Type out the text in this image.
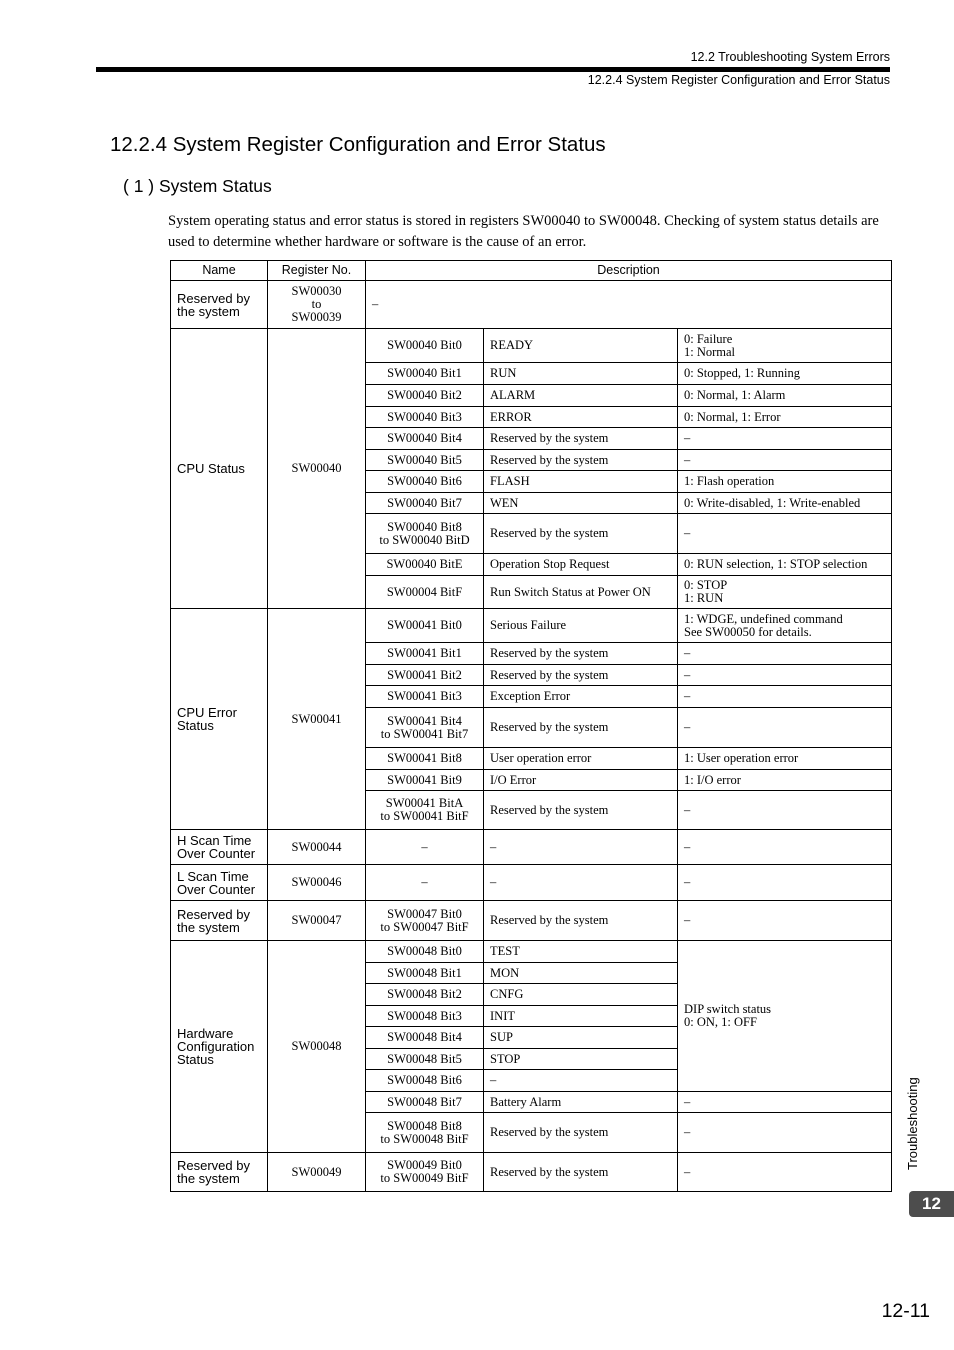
12.2 Troubleshooting System Errors
12.2.4 System Register Configuration and Error Status
12.2.4 System Register Configuration and Error Status
( 1 ) System Status

System operating status and error status is stored in registers SW00040 to SW00048. Checking of system status details are used to determine whether hardware or software is the cause of an error.

Name	Register No.	Description		
Reserved by
the system	SW00030
to
SW00039	–		
CPU Status	SW00040	SW00040 Bit0	READY	0: Failure
1: Normal
		SW00040 Bit1	RUN	0: Stopped, 1: Running
		SW00040 Bit2	ALARM	0: Normal, 1: Alarm
		SW00040 Bit3	ERROR	0: Normal, 1: Error
		SW00040 Bit4	Reserved by the system	–
		SW00040 Bit5	Reserved by the system	–
		SW00040 Bit6	FLASH	1: Flash operation
		SW00040 Bit7	WEN	0: Write-disabled, 1: Write-enabled
		SW00040 Bit8
to SW00040 BitD	Reserved by the system	–
		SW00040 BitE	Operation Stop Request	0: RUN selection, 1: STOP selection
		SW00004 BitF	Run Switch Status at Power ON	0: STOP
1: RUN
CPU Error
Status	SW00041	SW00041 Bit0	Serious Failure	1: WDGE, undefined command
See SW00050 for details.
		SW00041 Bit1	Reserved by the system	–
		SW00041 Bit2	Reserved by the system	–
		SW00041 Bit3	Exception Error	–
		SW00041 Bit4
to SW00041 Bit7	Reserved by the system	–
		SW00041 Bit8	User operation error	1: User operation error
		SW00041 Bit9	I/O Error	1: I/O error
		SW00041 BitA
to SW00041 BitF	Reserved by the system	–
H Scan Time
Over Counter	SW00044	–	–	–
L Scan Time
Over Counter	SW00046	–	–	–
Reserved by
the system	SW00047	SW00047 Bit0
to SW00047 BitF	Reserved by the system	–
Hardware
Configuration
Status	SW00048	SW00048 Bit0	TEST	DIP switch status
0: ON, 1: OFF
		SW00048 Bit1	MON	
		SW00048 Bit2	CNFG	
		SW00048 Bit3	INIT	
		SW00048 Bit4	SUP	
		SW00048 Bit5	STOP	
		SW00048 Bit6	–	
		SW00048 Bit7	Battery Alarm	–
		SW00048 Bit8
to SW00048 BitF	Reserved by the system	–
Reserved by
the system	SW00049	SW00049 Bit0
to SW00049 BitF	Reserved by the system	–
Troubleshooting
12
12-11
